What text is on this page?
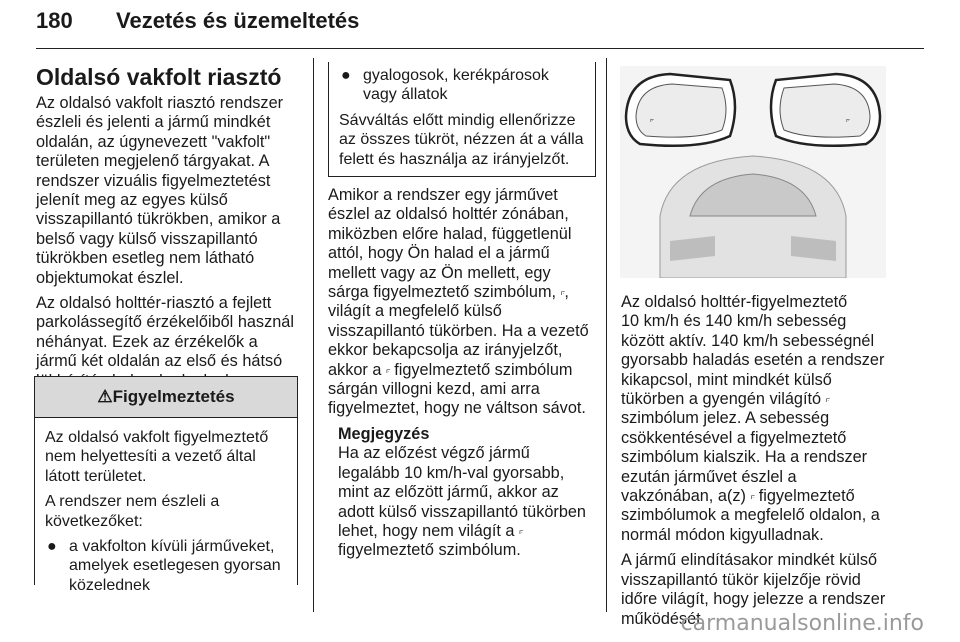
180 Vezetés és üzemeltetés
Oldalsó vakfolt riasztó

Az oldalsó vakfolt riasztó rendszer észleli és jelenti a jármű mindkét oldalán, az úgynevezett "vakfolt" területen megjelenő tárgyakat. A rendszer vizuális figyelmeztetést jelenít meg az egyes külső visszapillantó tükrökben, amikor a belső vagy külső visszapillantó tükrökben esetleg nem látható objektumokat észlel.

Az oldalsó holttér-riasztó a fejlett parkolássegítő érzékelőiből használ néhányat. Ezek az érzékelők a jármű két oldalán az első és hátsó

⚠Figyelmeztetés

Az oldalsó vakfolt figyelmeztető nem helyettesíti a vezető által látott területet.

A rendszer nem észleli a következőket:

● a vakfolton kívüli járműveket, amelyek esetlegesen gyorsan közelednek
● gyalogosok, kerékpárosok vagy állatok

Sávváltás előtt mindig ellenőrizze az összes tükröt, nézzen át a válla felett és használja az irányjelzőt.

Amikor a rendszer egy járművet észlel az oldalsó holttér zónában, miközben előre halad, függetlenül attól, hogy Ön halad el a jármű mellett vagy az Ön mellett, egy sárga figyelmeztető szimbólum, ⟔, világít a megfelelő külső visszapillantó tükörben. Ha a vezető ekkor bekapcsolja az irányjelzőt, akkor a ⟔ figyelmeztető szimbólum sárgán villogni kezd, ami arra figyelmeztet, hogy ne váltson sávot.

Megjegyzés
Ha az előzést végző jármű legalább 10 km/h-val gyorsabb, mint az előzött jármű, akkor az adott külső visszapillantó tükörben lehet, hogy nem világít a ⟔ figyelmeztető szimbólum.
⟔	⟔

Az oldalsó holttér-figyelmeztető

10 km/h és 140 km/h sebesség között aktív. 140 km/h sebességnél gyorsabb haladás esetén a rendszer kikapcsol, mint mindkét külső tükörben a gyengén világító ⟔ szimbólum jelez. A sebesség csökkentésével a figyelmeztető szimbólum kialszik. Ha a rendszer ezután járművet észlel a vakzónában, a(z) ⟔ figyelmeztető szimbólumok a megfelelő oldalon, a normál módon kigyulladnak.

A jármű elindításakor mindkét külső visszapillantó tükör kijelzője rövid időre világít, hogy jelezze a rendszer működését.

carmanualsonline.info
